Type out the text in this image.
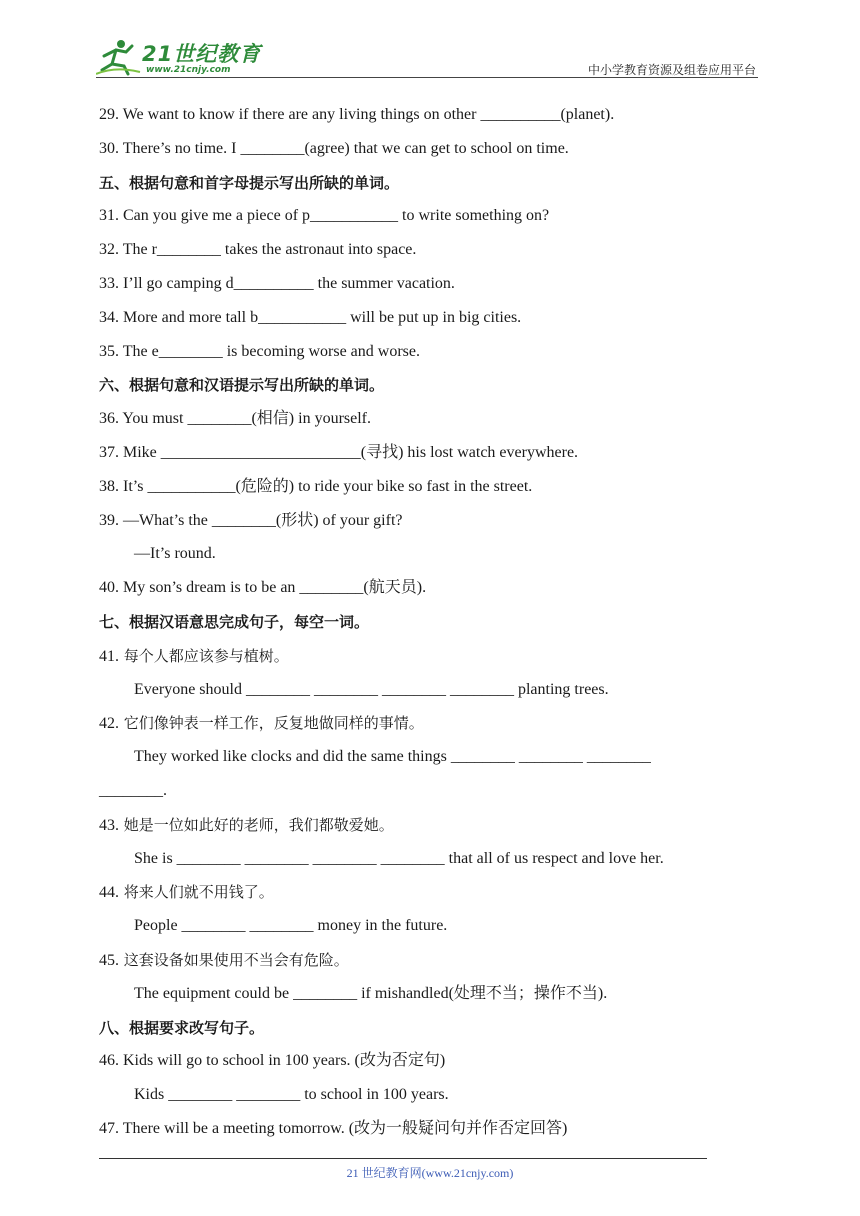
21世纪教育
www.21cnjy.com	中小学教育资源及组卷应用平台
29. We want to know if there are any living things on other __________(planet).
30. There’s no time. I ________(agree) that we can get to school on time.
五、根据句意和首字母提示写出所缺的单词。
31. Can you give me a piece of p___________ to write something on?
32. The r________ takes the astronaut into space.
33. I’ll go camping d__________ the summer vacation.
34. More and more tall b___________ will be put up in big cities.
35. The e________ is becoming worse and worse.
六、根据句意和汉语提示写出所缺的单词。
36. You must ________(相信) in yourself.
37. Mike _________________________(寻找) his lost watch everywhere.
38. It’s ___________(危险的) to ride your bike so fast in the street.
39. —What’s the ________(形状) of your gift?
—It’s round.
40. My son’s dream is to be an ________(航天员).
七、根据汉语意思完成句子，每空一词。
41. 每个人都应该参与植树。
Everyone should ________ ________ ________ ________ planting trees.
42. 它们像钟表一样工作，反复地做同样的事情。
They worked like clocks and did the same things ________ ________ ________
________.
43. 她是一位如此好的老师，我们都敬爱她。
She is ________ ________ ________ ________ that all of us respect and love her.
44. 将来人们就不用钱了。
People ________ ________ money in the future.
45. 这套设备如果使用不当会有危险。
The equipment could be ________ if mishandled(处理不当；操作不当).
八、根据要求改写句子。
46. Kids will go to school in 100 years. (改为否定句)
Kids ________ ________ to school in 100 years.
47. There will be a meeting tomorrow. (改为一般疑问句并作否定回答)
21 世纪教育网(www.21cnjy.com)
